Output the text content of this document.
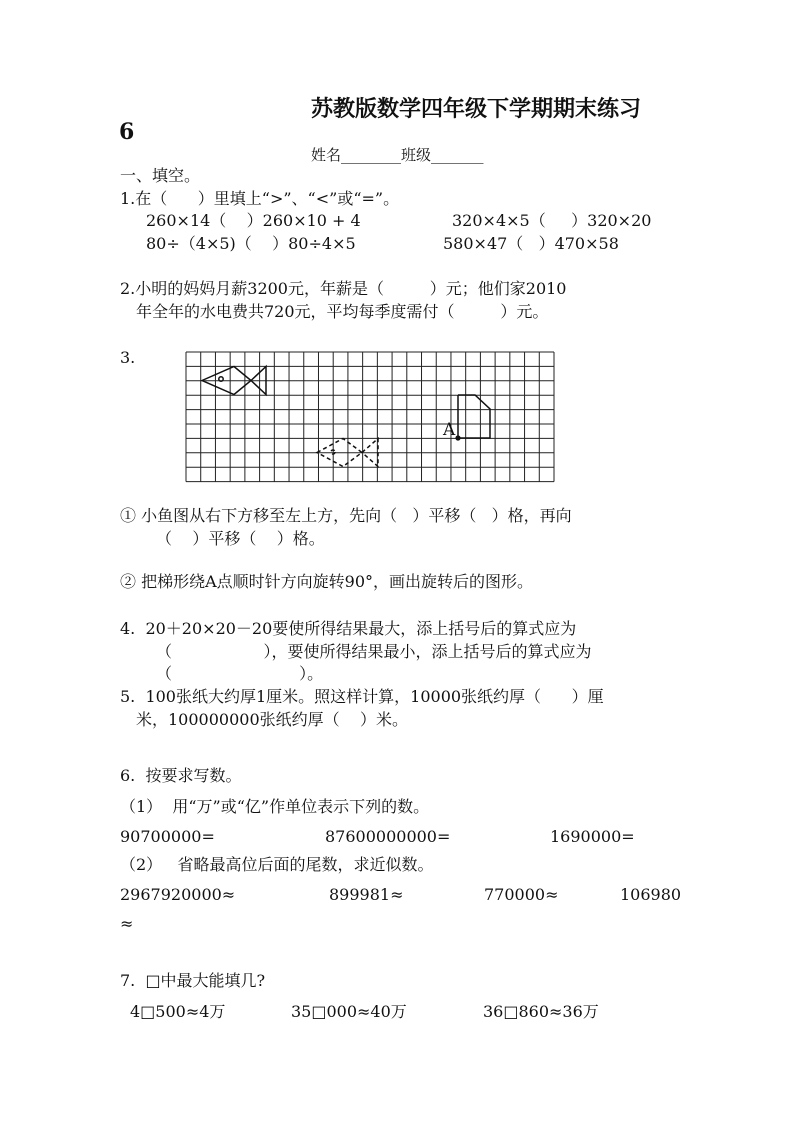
苏教版数学四年级下学期期末练习
6
姓名________班级_______
一、填空。
1.在（      ）里填上“>”、“<”或“=”。
260×14（    ）260×10 + 4	320×4×5（     ）320×20
80÷（4×5)（    ）80÷4×5	580×47（   ）470×58
2.小明的妈妈月薪3200元，年薪是（         ）元；他们家2010
年全年的水电费共720元，平均每季度需付（         ）元。
3.
A
① 小鱼图从右下方移至左上方，先向（   ）平移（   ）格，再向
（    ）平移（    ）格。
② 把梯形绕A点顺时针方向旋转90°，画出旋转后的图形。
4.  20＋20×20－20要使所得结果最大，添上括号后的算式应为
（                  ），要使所得结果最小，添上括号后的算式应为
（                         ）。
5.  100张纸大约厚1厘米。照这样计算，10000张纸约厚（      ）厘
米，100000000张纸约厚（    ）米。
6.  按要求写数。
（1）  用“万”或“亿”作单位表示下列的数。
90700000=	87600000000=	1690000=
（2）   省略最高位后面的尾数，求近似数。
2967920000≈	899981≈	770000≈	106980
≈
7.  □中最大能填几?
4□500≈4万	35□000≈40万	36□860≈36万
